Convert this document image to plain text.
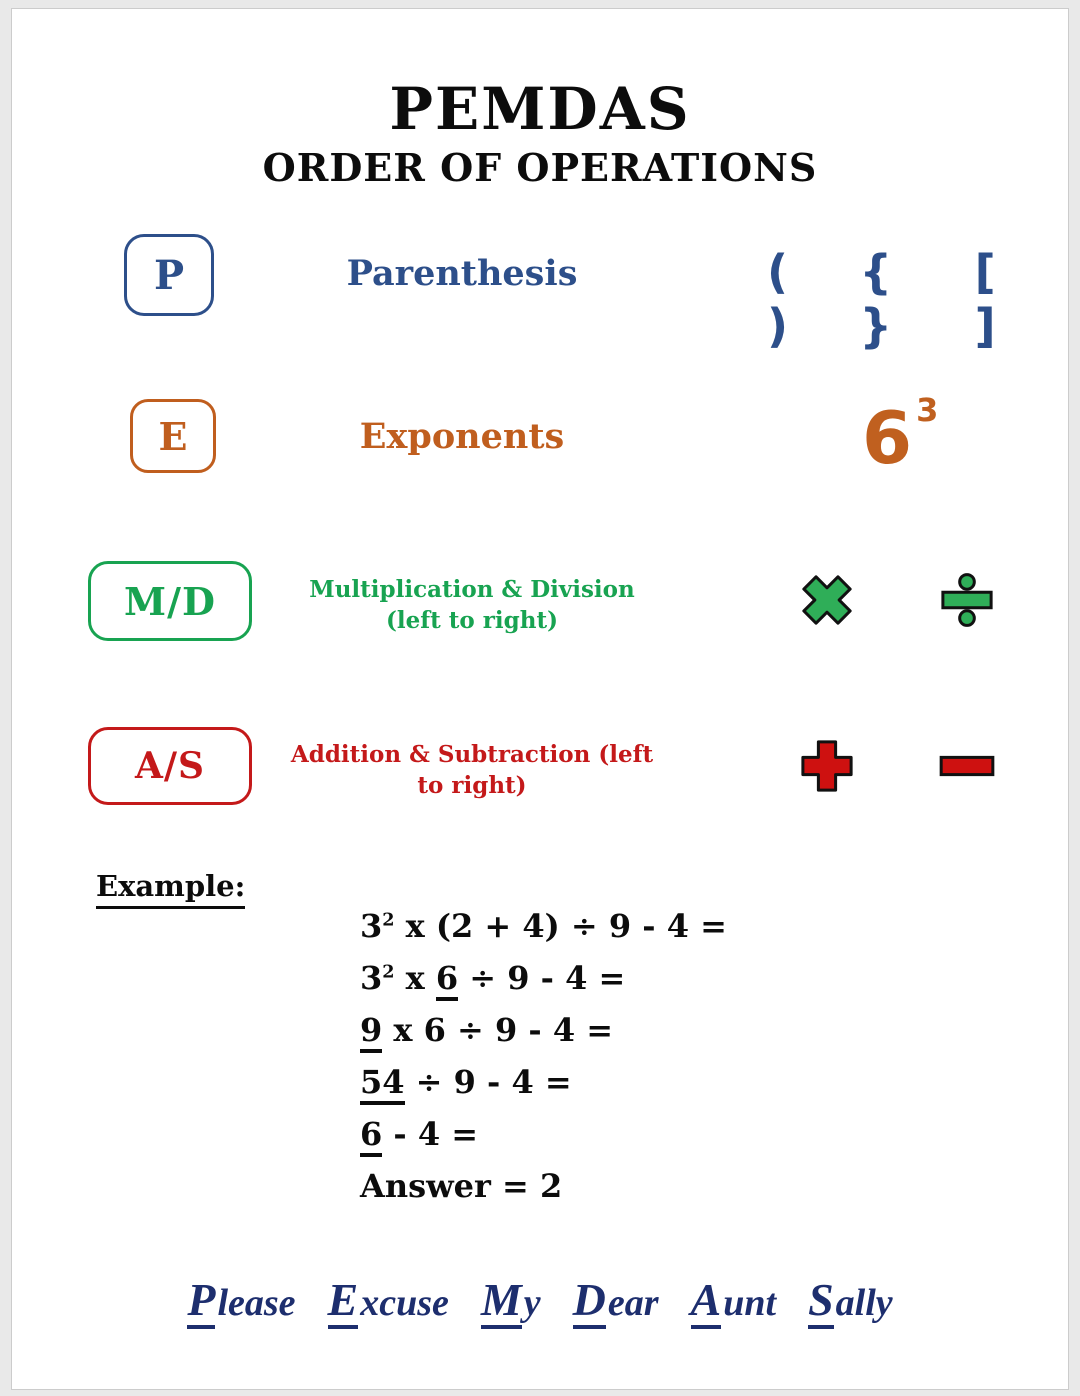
PEMDAS
ORDER OF OPERATIONS
P	Parenthesis	( )
{ }
[ ]
E	Exponents	6 3
M/D	Multiplication & Division
(left to right)
A/S	Addition & Subtraction (left
to right)
Example:
$3^2$ x (2 + 4) ÷ 9 - 4 =
$3^2$ x 6 ÷ 9 - 4 =
9 x 6 ÷ 9 - 4 =
54 ÷ 9 - 4 =
6 - 4 =
Answer = 2
Please Excuse My Dear Aunt Sally
